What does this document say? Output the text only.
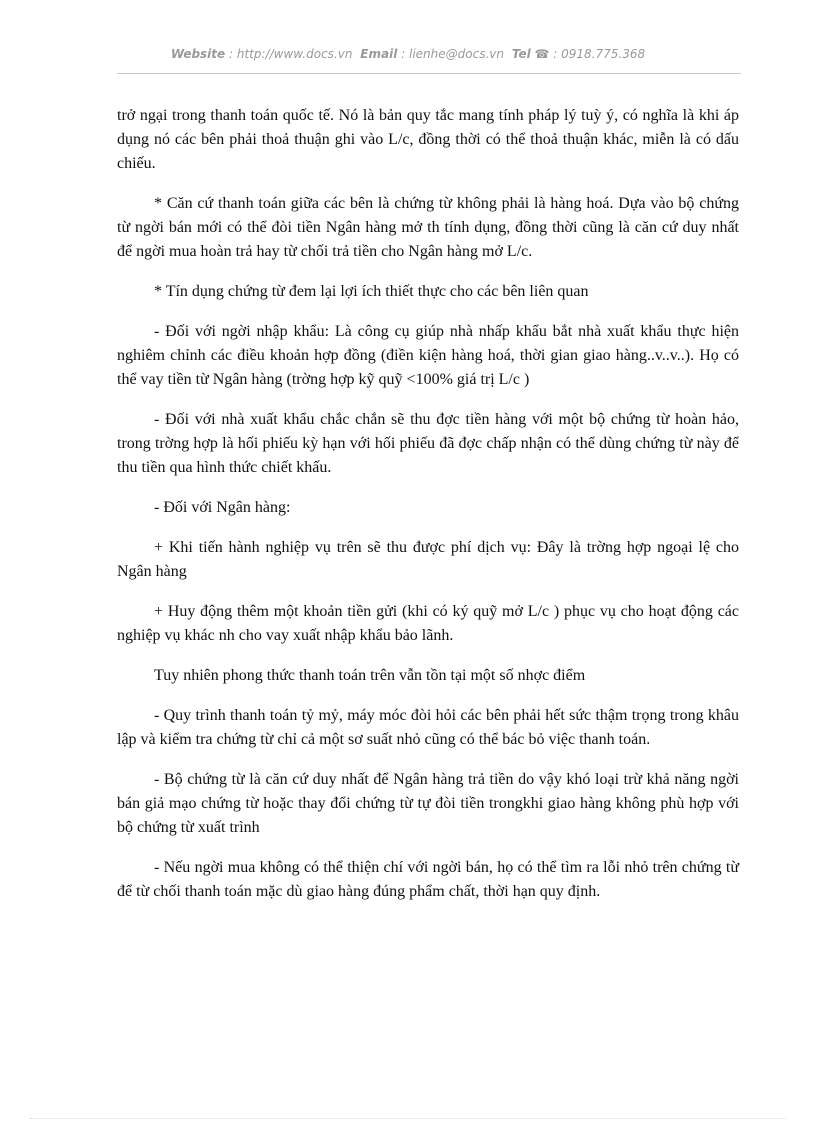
Website : http://www.docs.vn Email : lienhe@docs.vn Tel ☎ : 0918.775.368

trở ngại trong thanh toán quốc tế. Nó là bản quy tắc mang tính pháp lý tuỳ ý, có nghĩa là khi áp dụng nó các bên phải thoả thuận ghi vào L/c, đồng thời có thể thoả thuận khác, miễn là có dấu chiếu.

* Căn cứ thanh toán giữa các bên là chứng từ không phải là hàng hoá. Dựa vào bộ chứng từ ngời bán mới có thể đòi tiền Ngân hàng mở th tính dụng, đồng thời cũng là căn cứ duy nhất để ngời mua hoàn trả hay từ chối trả tiền cho Ngân hàng mở L/c.

* Tín dụng chứng từ đem lại lợi ích thiết thực cho các bên liên quan

- Đối với ngời nhập khẩu: Là công cụ giúp nhà nhấp khẩu bắt nhà xuất khẩu thực hiện nghiêm chỉnh các điều khoản hợp đồng (điền kiện hàng hoá, thời gian giao hàng..v..v..). Họ có thể vay tiền từ Ngân hàng (trờng hợp kỹ quỹ <100% giá trị L/c )

- Đối với nhà xuất khẩu chắc chắn sẽ thu đợc tiền hàng với một bộ chứng từ hoàn hảo, trong trờng hợp là hối phiếu kỳ hạn với hối phiếu đã đợc chấp nhận có thể dùng chứng từ này để thu tiền qua hình thức chiết khấu.

- Đối với Ngân hàng:

+ Khi tiến hành nghiệp vụ trên sẽ thu được phí dịch vụ: Đây là trờng hợp ngoại lệ cho Ngân hàng

+ Huy động thêm một khoản tiền gửi (khi có ký quỹ mở L/c ) phục vụ cho hoạt động các nghiệp vụ khác nh cho vay xuất nhập khẩu bảo lãnh.

Tuy nhiên phong thức thanh toán trên vẫn tồn tại một số nhợc điểm

- Quy trình thanh toán tỷ mỷ, máy móc đòi hỏi các bên phải hết sức thậm trọng trong khâu lập và kiểm tra chứng từ chỉ cả một sơ suất nhỏ cũng có thể bác bỏ việc thanh toán.

- Bộ chứng từ là căn cứ duy nhất để Ngân hàng trả tiền do vậy khó loại trừ khả năng ngời bán giả mạo chứng từ hoặc thay đổi chứng từ tự đòi tiền trongkhi giao hàng không phù hợp với bộ chứng từ xuất trình

- Nếu ngời mua không có thể thiện chí với ngời bán, họ có thể tìm ra lỗi nhỏ trên chứng từ để từ chối thanh toán mặc dù giao hàng đúng phẩm chất, thời hạn quy định.
